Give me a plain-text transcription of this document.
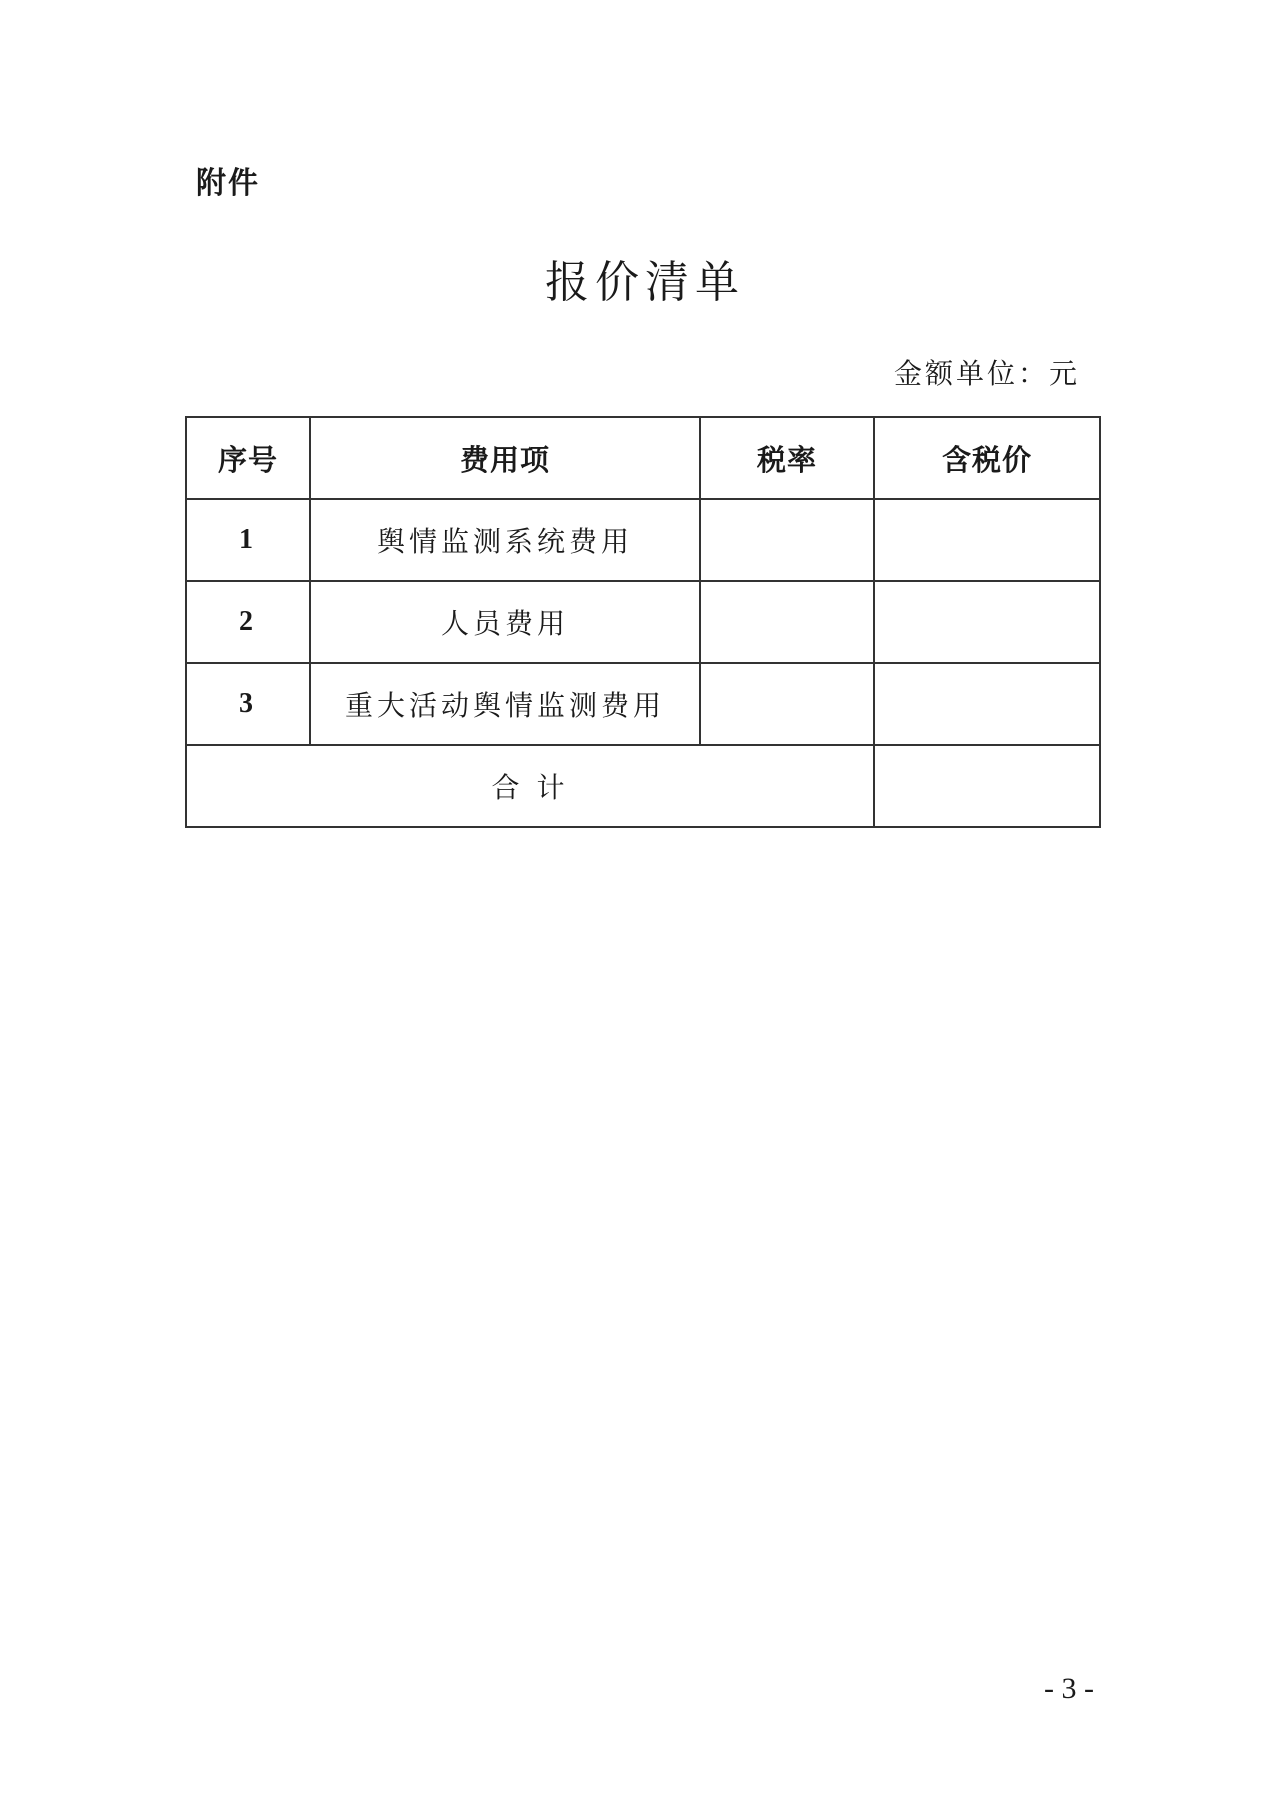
附件
报价清单
金额单位：元
序号	费用项	税率	含税价
1	舆情监测系统费用		
2	人员费用		
3	重大活动舆情监测费用		
合 计			
- 3 -
